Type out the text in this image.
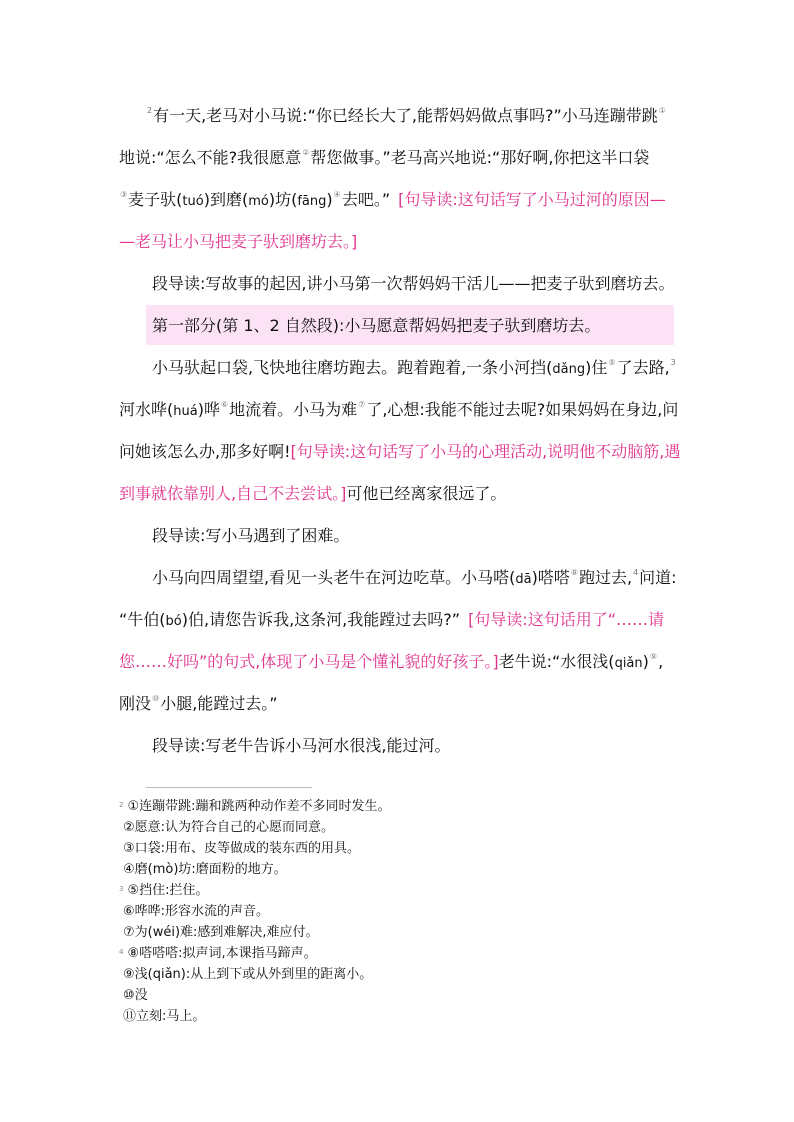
$^2$有一天,老马对小马说:“你已经长大了,能帮妈妈做点事吗?”小马连蹦带跳①
地说:“怎么不能?我很愿意②帮您做事。”老马高兴地说:“那好啊,你把这半口袋
③麦子驮(tuó)到磨(mó)坊(fāng)④去吧。” [句导读:这句话写了小马过河的原因—
—老马让小马把麦子驮到磨坊去。]
段导读:写故事的起因,讲小马第一次帮妈妈干活儿——把麦子驮到磨坊去。
第一部分(第 1、2 自然段):小马愿意帮妈妈把麦子驮到磨坊去。
小马驮起口袋,飞快地往磨坊跑去。跑着跑着,一条小河挡(dǎng)住⑤了去路,$^3$
河水哗(huá)哗⑥地流着。小马为难⑦了,心想:我能不能过去呢?如果妈妈在身边,问
问她该怎么办,那多好啊![句导读:这句话写了小马的心理活动,说明他不动脑筋,遇
到事就依靠别人,自己不去尝试。]可他已经离家很远了。
段导读:写小马遇到了困难。
小马向四周望望,看见一头老牛在河边吃草。小马嗒(dā)嗒嗒⑧跑过去,$^4$问道:
“牛伯(bó)伯,请您告诉我,这条河,我能蹚过去吗?” [句导读:这句话用了“……请
您……好吗”的句式,体现了小马是个懂礼貌的好孩子。]老牛说:“水很浅(qiǎn)⑨,
刚没⑩小腿,能蹚过去。”
段导读:写老牛告诉小马河水很浅,能过河。
$^2$ ①连蹦带跳:蹦和跳两种动作差不多同时发生。
②愿意:认为符合自己的心愿而同意。
③口袋:用布、皮等做成的装东西的用具。
④磨(mò)坊:磨面粉的地方。
$^3$ ⑤挡住:拦住。
⑥哗哗:形容水流的声音。
⑦为(wéi)难:感到难解决,难应付。
$^4$ ⑧嗒嗒嗒:拟声词,本课指马蹄声。
⑨浅(qiǎn):从上到下或从外到里的距离小。
⑩没
⑪立刻:马上。
